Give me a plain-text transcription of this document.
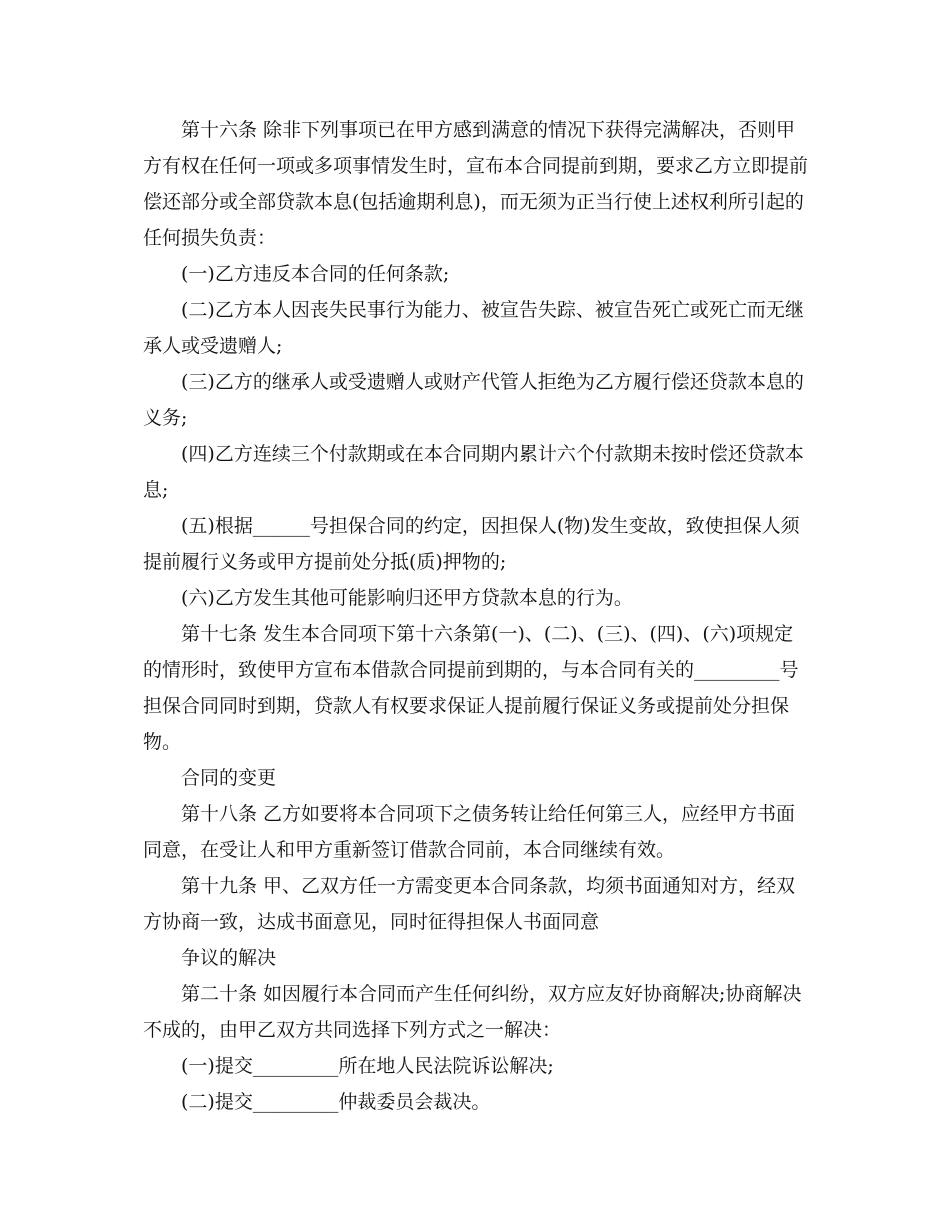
第十六条 除非下列事项已在甲方感到满意的情况下获得完满解决，否则甲方有权在任何一项或多项事情发生时，宣布本合同提前到期，要求乙方立即提前偿还部分或全部贷款本息(包括逾期利息)，而无须为正当行使上述权利所引起的任何损失负责：

(一)乙方违反本合同的任何条款;

(二)乙方本人因丧失民事行为能力、被宣告失踪、被宣告死亡或死亡而无继承人或受遗赠人;

(三)乙方的继承人或受遗赠人或财产代管人拒绝为乙方履行偿还贷款本息的义务;

(四)乙方连续三个付款期或在本合同期内累计六个付款期未按时偿还贷款本息;

(五)根据______号担保合同的约定，因担保人(物)发生变故，致使担保人须提前履行义务或甲方提前处分抵(质)押物的;

(六)乙方发生其他可能影响归还甲方贷款本息的行为。

第十七条 发生本合同项下第十六条第(一)、(二)、(三)、(四)、(六)项规定的情形时，致使甲方宣布本借款合同提前到期的，与本合同有关的_________号担保合同同时到期，贷款人有权要求保证人提前履行保证义务或提前处分担保物。

合同的变更

第十八条 乙方如要将本合同项下之债务转让给任何第三人，应经甲方书面同意，在受让人和甲方重新签订借款合同前，本合同继续有效。

第十九条 甲、乙双方任一方需变更本合同条款，均须书面通知对方，经双方协商一致，达成书面意见，同时征得担保人书面同意

争议的解决

第二十条 如因履行本合同而产生任何纠纷，双方应友好协商解决;协商解决不成的，由甲乙双方共同选择下列方式之一解决：

(一)提交_________所在地人民法院诉讼解决;

(二)提交_________仲裁委员会裁决。
